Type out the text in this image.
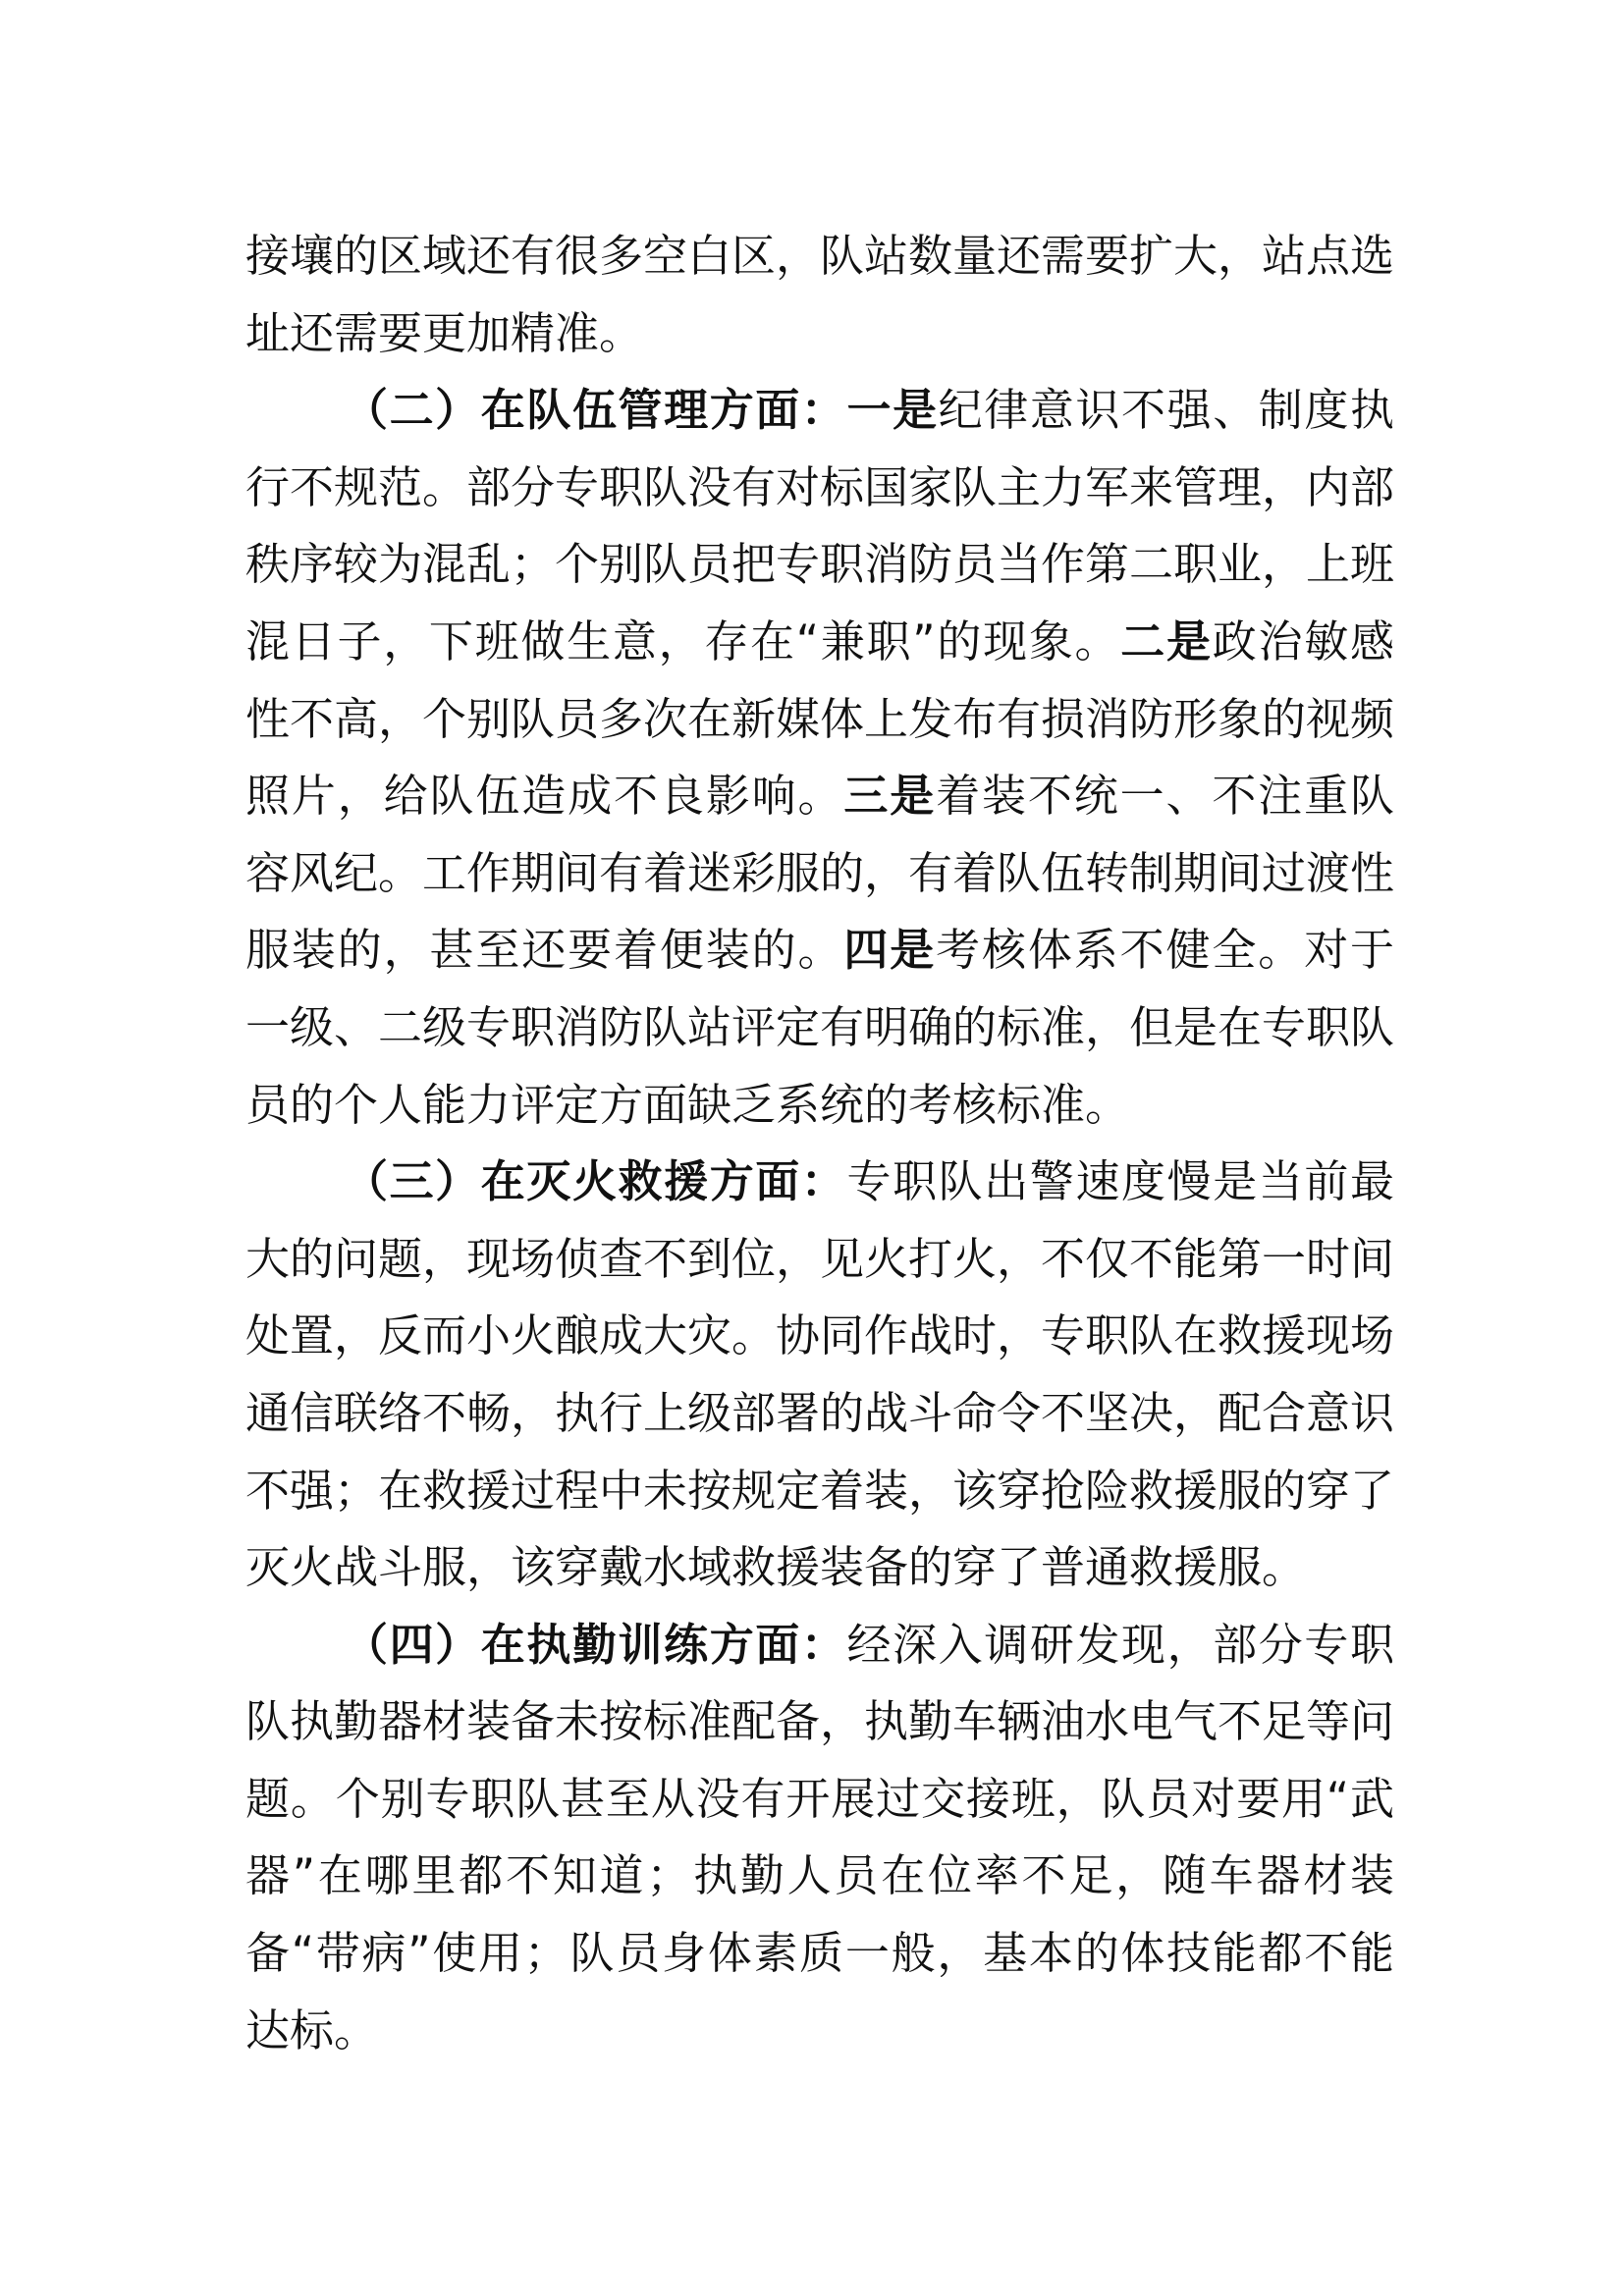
接壤的区域还有很多空白区，队站数量还需要扩大，站点选址还需要更加精准。

（二）在队伍管理方面：一是纪律意识不强、制度执行不规范。部分专职队没有对标国家队主力军来管理，内部秩序较为混乱；个别队员把专职消防员当作第二职业，上班混日子，下班做生意，存在“兼职”的现象。二是政治敏感性不高，个别队员多次在新媒体上发布有损消防形象的视频照片，给队伍造成不良影响。三是着装不统一、不注重队容风纪。工作期间有着迷彩服的，有着队伍转制期间过渡性服装的，甚至还要着便装的。四是考核体系不健全。对于一级、二级专职消防队站评定有明确的标准，但是在专职队员的个人能力评定方面缺乏系统的考核标准。

（三）在灭火救援方面：专职队出警速度慢是当前最大的问题，现场侦查不到位，见火打火，不仅不能第一时间处置，反而小火酿成大灾。协同作战时，专职队在救援现场通信联络不畅，执行上级部署的战斗命令不坚决，配合意识不强；在救援过程中未按规定着装，该穿抢险救援服的穿了灭火战斗服，该穿戴水域救援装备的穿了普通救援服。

（四）在执勤训练方面：经深入调研发现，部分专职队执勤器材装备未按标准配备，执勤车辆油水电气不足等问题。个别专职队甚至从没有开展过交接班，队员对要用“武器”在哪里都不知道；执勤人员在位率不足，随车器材装备“带病”使用；队员身体素质一般，基本的体技能都不能达标。
